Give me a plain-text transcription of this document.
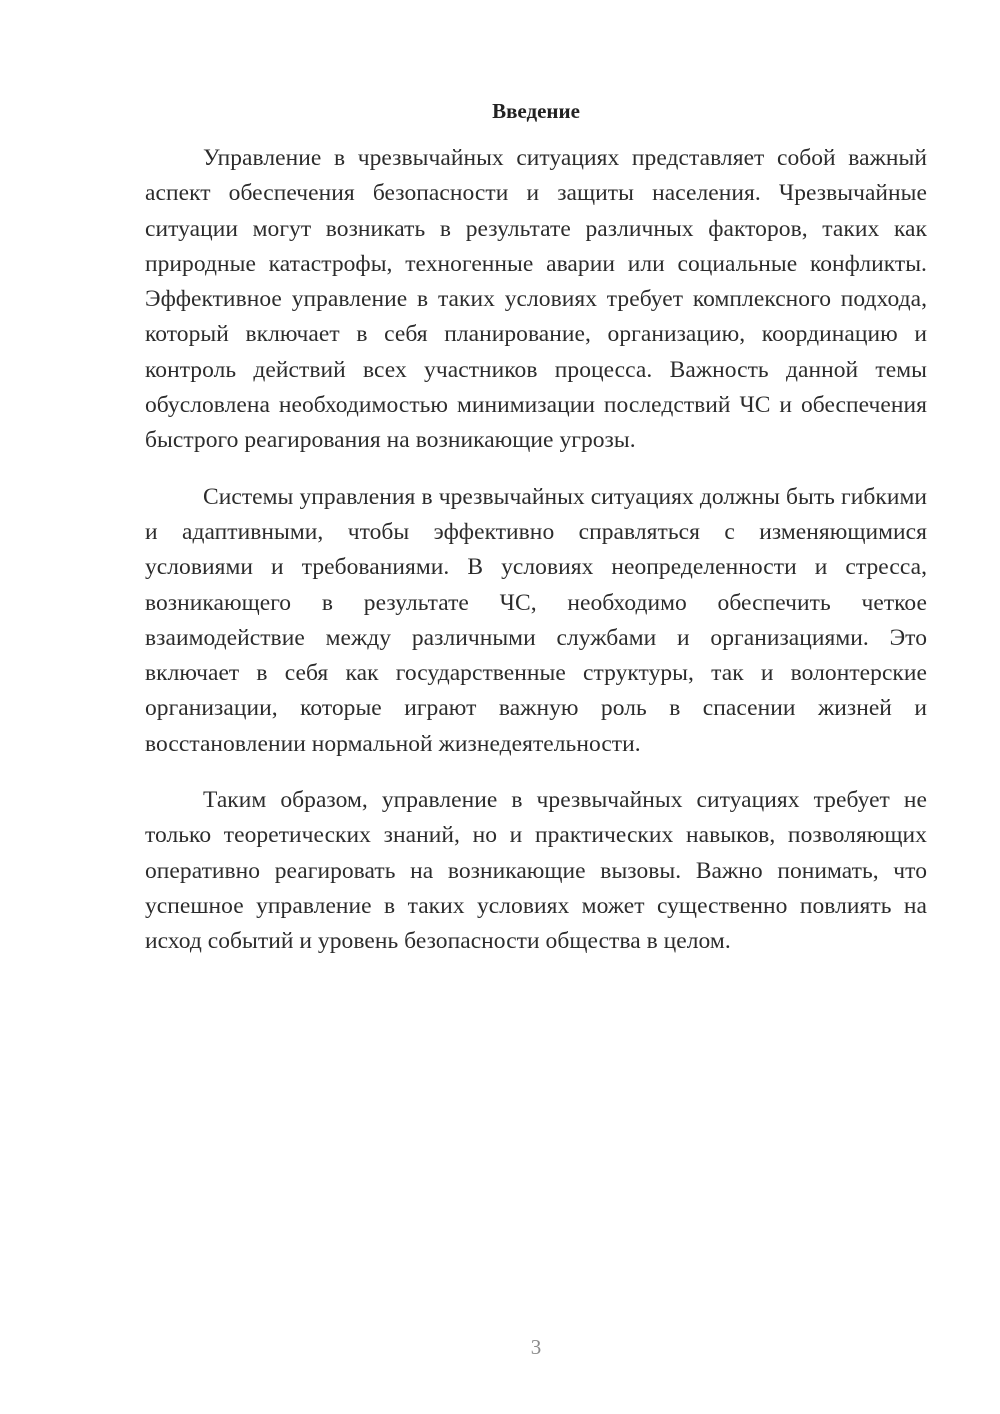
Введение

Управление в чрезвычайных ситуациях представляет собой важный аспект обеспечения безопасности и защиты населения. Чрезвычайные ситуации могут возникать в результате различных факторов, таких как природные катастрофы, техногенные аварии или социальные конфликты. Эффективное управление в таких условиях требует комплексного подхода, который включает в себя планирование, организацию, координацию и контроль действий всех участников процесса. Важность данной темы обусловлена необходимостью минимизации последствий ЧС и обеспечения быстрого реагирования на возникающие угрозы.

Системы управления в чрезвычайных ситуациях должны быть гибкими и адаптивными, чтобы эффективно справляться с изменяющимися условиями и требованиями. В условиях неопределенности и стресса, возникающего в результате ЧС, необходимо обеспечить четкое взаимодействие между различными службами и организациями. Это включает в себя как государственные структуры, так и волонтерские организации, которые играют важную роль в спасении жизней и восстановлении нормальной жизнедеятельности.

Таким образом, управление в чрезвычайных ситуациях требует не только теоретических знаний, но и практических навыков, позволяющих оперативно реагировать на возникающие вызовы. Важно понимать, что успешное управление в таких условиях может существенно повлиять на исход событий и уровень безопасности общества в целом.

3
